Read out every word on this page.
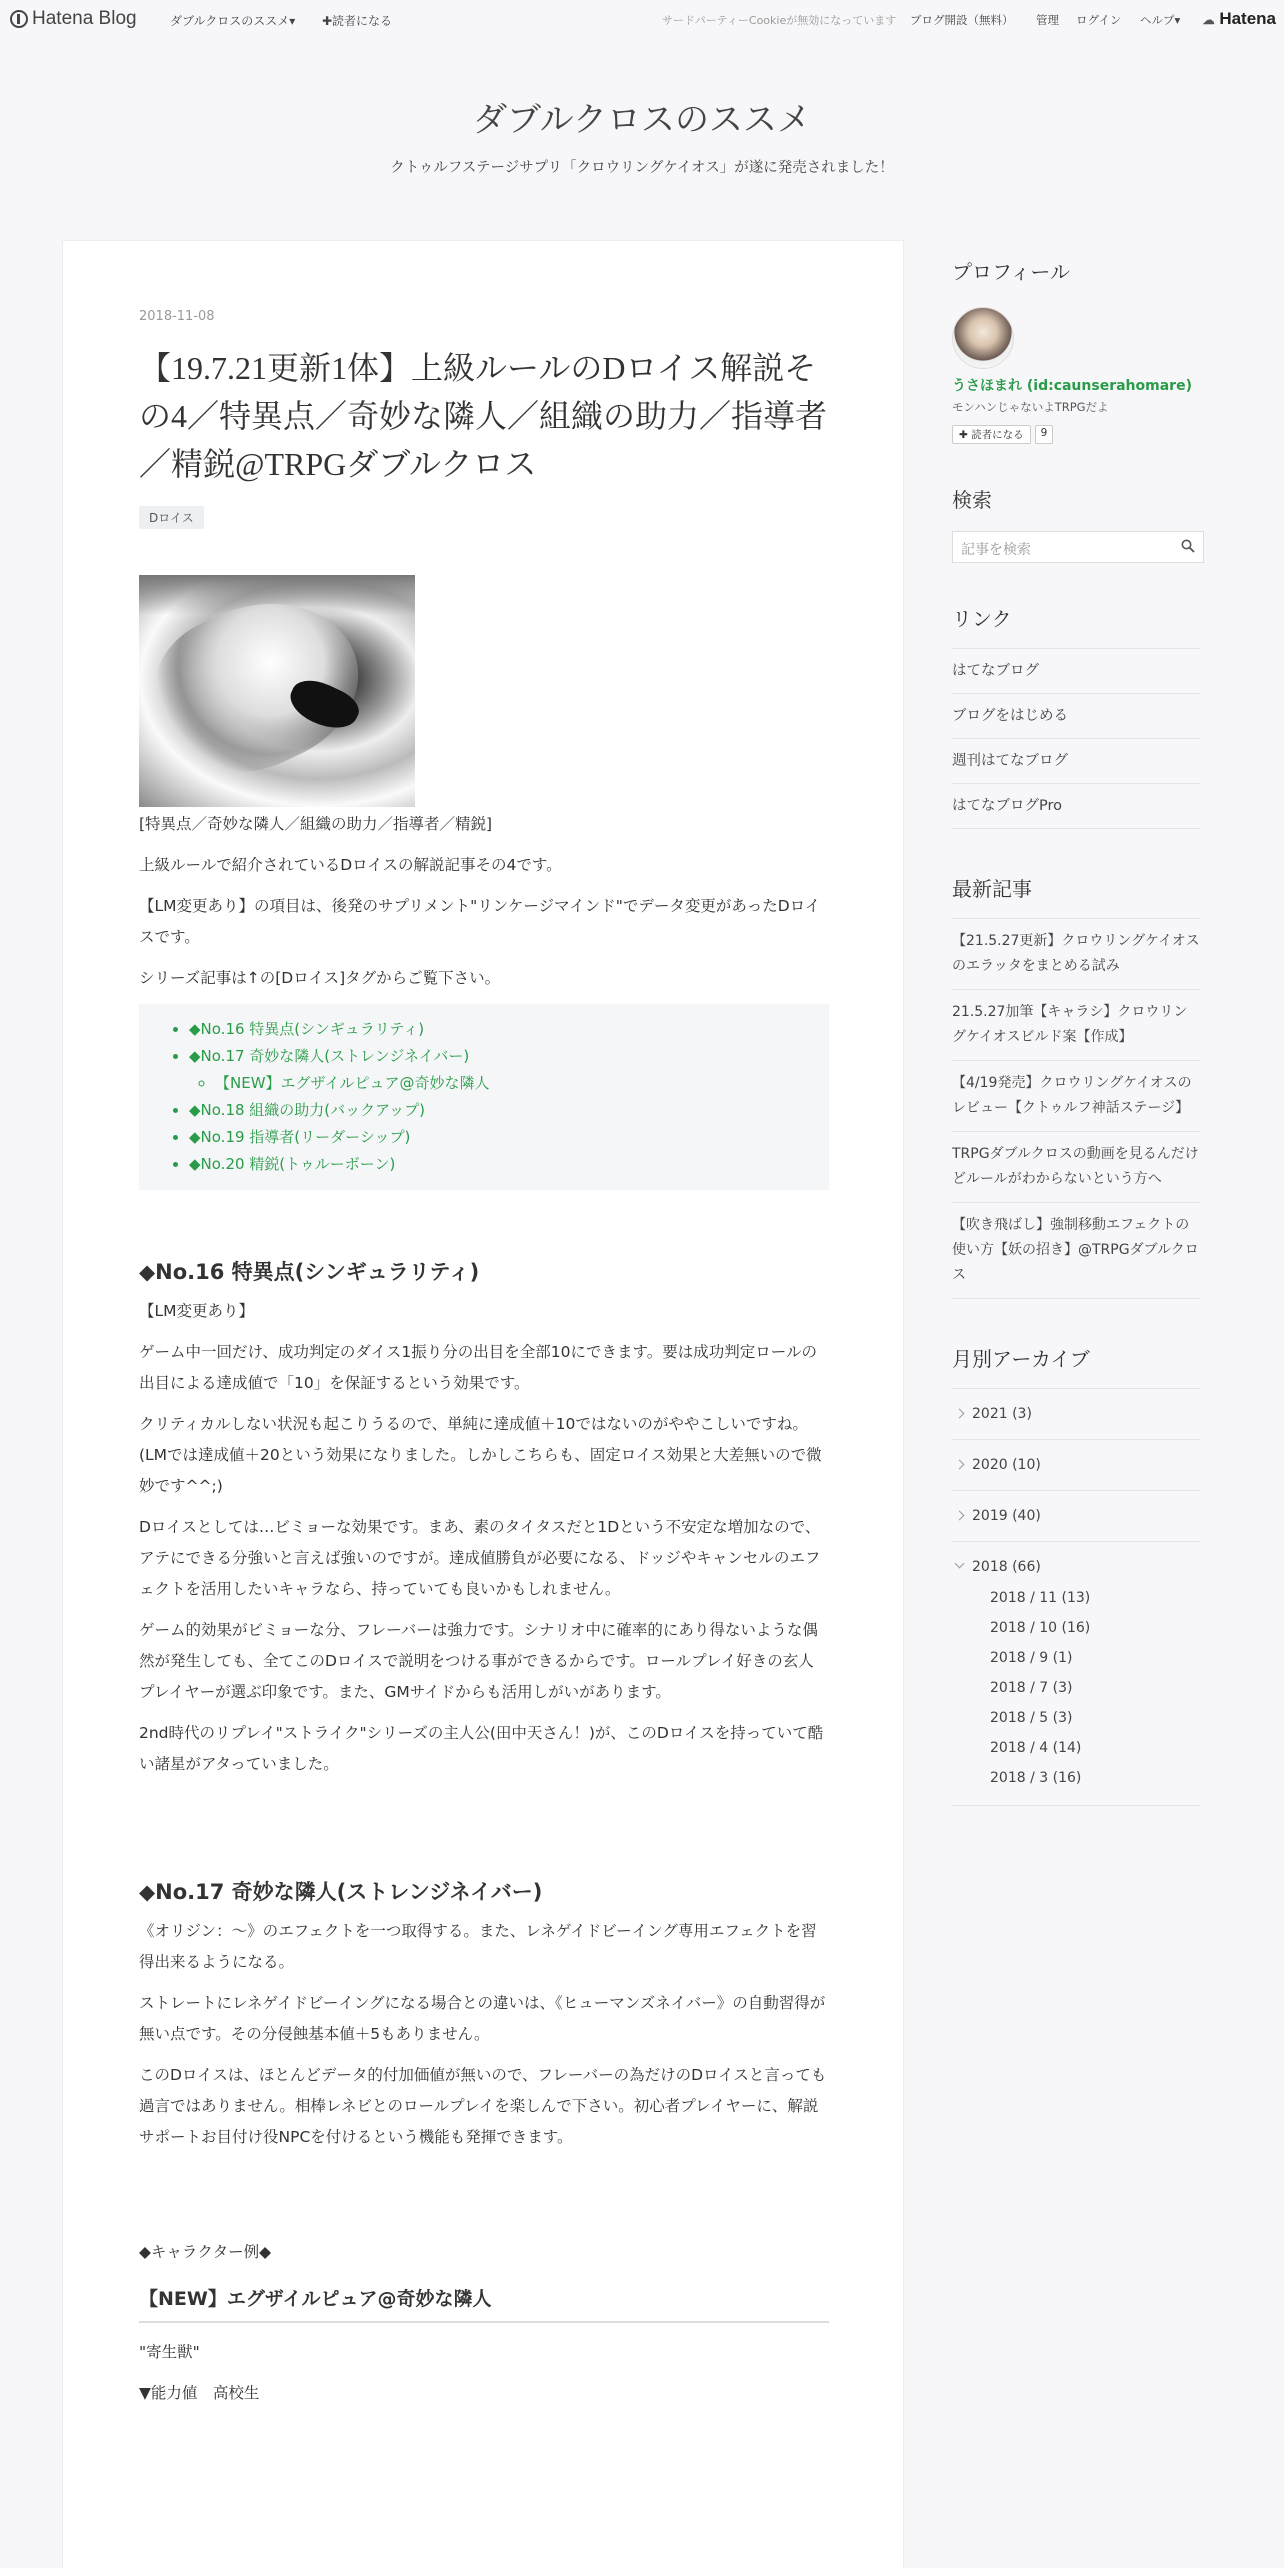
Hatena Blog	ダブルクロスのススメ▾ ✚読者になる	サードパーティーCookieが無効になっています ブログ開設（無料） 管理 ログイン ヘルプ▾ ☁ Hatena
ダブルクロスのススメ
クトゥルフステージサプリ「クロウリングケイオス」が遂に発売されました！
2018-11-08
【19.7.21更新1体】上級ルールのDロイス解説その4／特異点／奇妙な隣人／組織の助力／指導者／精鋭@TRPGダブルクロス
Dロイス

[特異点／奇妙な隣人／組織の助力／指導者／精鋭]

上級ルールで紹介されているDロイスの解説記事その4です。

【LM変更あり】の項目は、後発のサプリメント"リンケージマインド"でデータ変更があったDロイスです。

シリーズ記事は↑の[Dロイス]タグからご覧下さい。

• ◆No.16 特異点(シンギュラリティ)
• ◆No.17 奇妙な隣人(ストレンジネイバー)
◦ 【NEW】エグザイルピュア@奇妙な隣人
• ◆No.18 組織の助力(バックアップ)
• ◆No.19 指導者(リーダーシップ)
• ◆No.20 精鋭(トゥルーボーン)
◆No.16 特異点(シンギュラリティ)

【LM変更あり】

ゲーム中一回だけ、成功判定のダイス1振り分の出目を全部10にできます。要は成功判定ロールの出目による達成値で「10」を保証するという効果です。

クリティカルしない状況も起こりうるので、単純に達成値＋10ではないのがややこしいですね。
(LMでは達成値＋20という効果になりました。しかしこちらも、固定ロイス効果と大差無いので微妙です^^;)

Dロイスとしては…ビミョーな効果です。まあ、素のタイタスだと1Dという不安定な増加なので、アテにできる分強いと言えば強いのですが。達成値勝負が必要になる、ドッジやキャンセルのエフェクトを活用したいキャラなら、持っていても良いかもしれません。

ゲーム的効果がビミョーな分、フレーバーは強力です。シナリオ中に確率的にあり得ないような偶然が発生しても、全てこのDロイスで説明をつける事ができるからです。ロールプレイ好きの玄人プレイヤーが選ぶ印象です。また、GMサイドからも活用しがいがあります。

2nd時代のリプレイ"ストライク"シリーズの主人公(田中天さん！)が、このDロイスを持っていて酷い諸星がアタっていました。

◆No.17 奇妙な隣人(ストレンジネイバー)

《オリジン：～》のエフェクトを一つ取得する。また、レネゲイドビーイング専用エフェクトを習得出来るようになる。

ストレートにレネゲイドビーイングになる場合との違いは、《ヒューマンズネイバー》の自動習得が無い点です。その分侵蝕基本値＋5もありません。

このDロイスは、ほとんどデータ的付加価値が無いので、フレーバーの為だけのDロイスと言っても過言ではありません。相棒レネビとのロールプレイを楽しんで下さい。初心者プレイヤーに、解説サポートお目付け役NPCを付けるという機能も発揮できます。

◆キャラクター例◆

【NEW】エグザイルピュア@奇妙な隣人

"寄生獣"

▼能力値　高校生

プロフィール
うさほまれ (id:caunserahomare)
モンハンじゃないよTRPGだよ
✚ 読者になる	9
検索
記事を検索
リンク
はてなブログ
ブログをはじめる
週刊はてなブログ
はてなブログPro
最新記事
【21.5.27更新】クロウリングケイオスのエラッタをまとめる試み
21.5.27加筆【キャラシ】クロウリングケイオスビルド案【作成】
【4/19発売】クロウリングケイオスのレビュー【クトゥルフ神話ステージ】
TRPGダブルクロスの動画を見るんだけどルールがわからないという方へ
【吹き飛ばし】強制移動エフェクトの使い方【妖の招き】@TRPGダブルクロス
月別アーカイブ
2021 (3)
2020 (10)
2019 (40)
2018 (66)
2018 / 11 (13)
2018 / 10 (16)
2018 / 9 (1)
2018 / 7 (3)
2018 / 5 (3)
2018 / 4 (14)
2018 / 3 (16)
